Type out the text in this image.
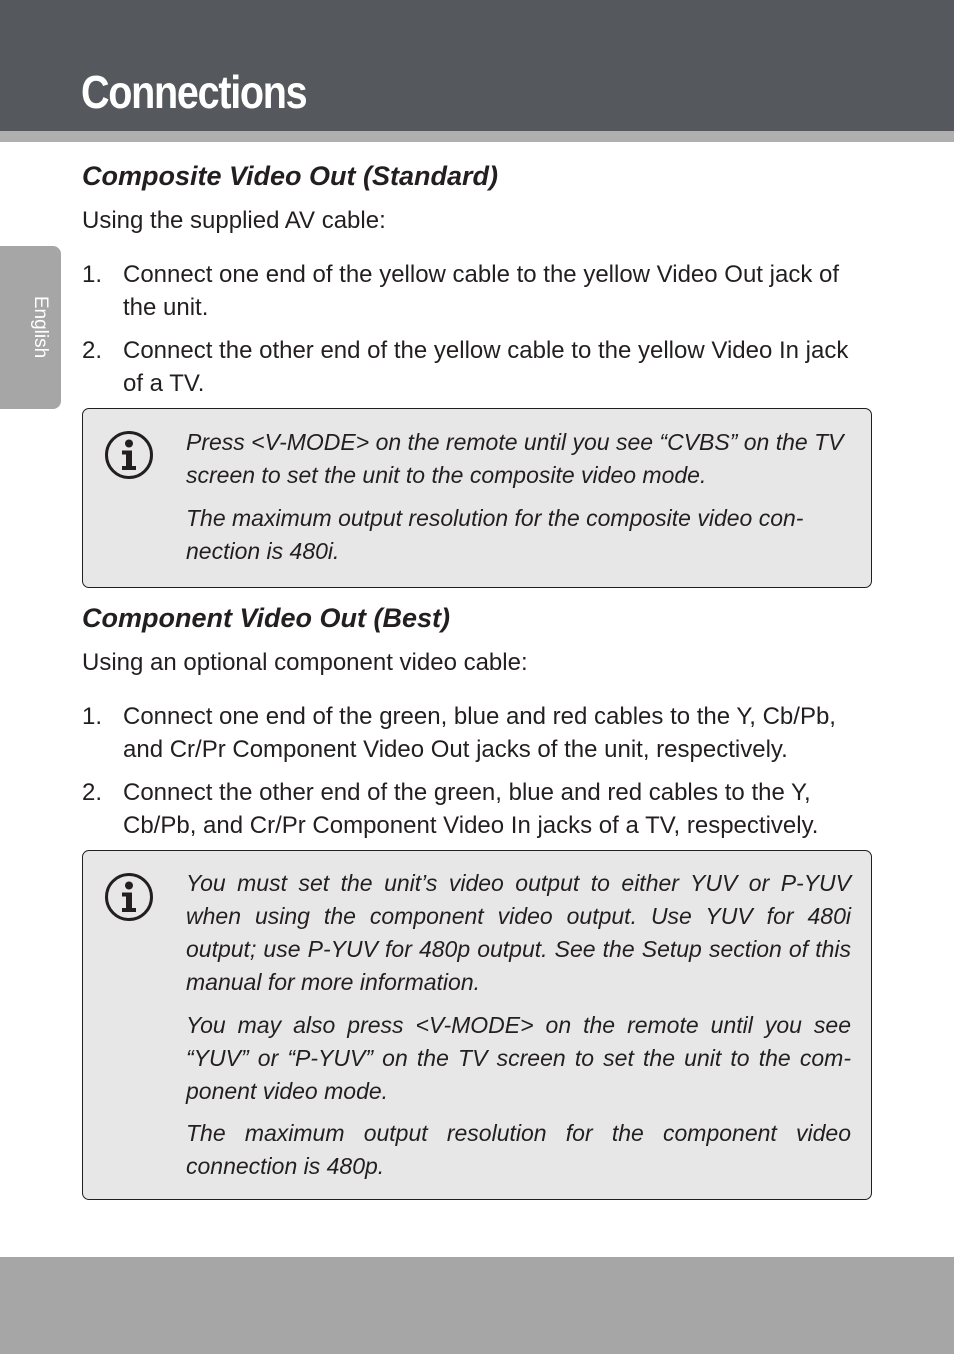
Connections
English
Composite Video Out (Standard)

Using the supplied AV cable:

1. Connect one end of the yellow cable to the yellow Video Out jack of the unit.
2. Connect the other end of the yellow cable to the yellow Video In jack of a TV.

Press <V-MODE> on the remote until you see “CVBS” on the TV screen to set the unit to the composite video mode.

The maximum output resolution for the composite video con-nection is 480i.

Component Video Out (Best)

Using an optional component video cable:

1. Connect one end of the green, blue and red cables to the Y, Cb/Pb, and Cr/Pr Component Video Out jacks of the unit, respectively.
2. Connect the other end of the green, blue and red cables to the Y, Cb/Pb, and Cr/Pr Component Video In jacks of a TV, respectively.

You must set the unit’s video output to either YUV or P-YUV when using the component video output. Use YUV for 480i output; use P-YUV for 480p output. See the Setup section of this manual for more information.

You may also press <V-MODE> on the remote until you see “YUV” or “P-YUV” on the TV screen to set the unit to the com-ponent video mode.

The maximum output resolution for the component video connection is 480p.
